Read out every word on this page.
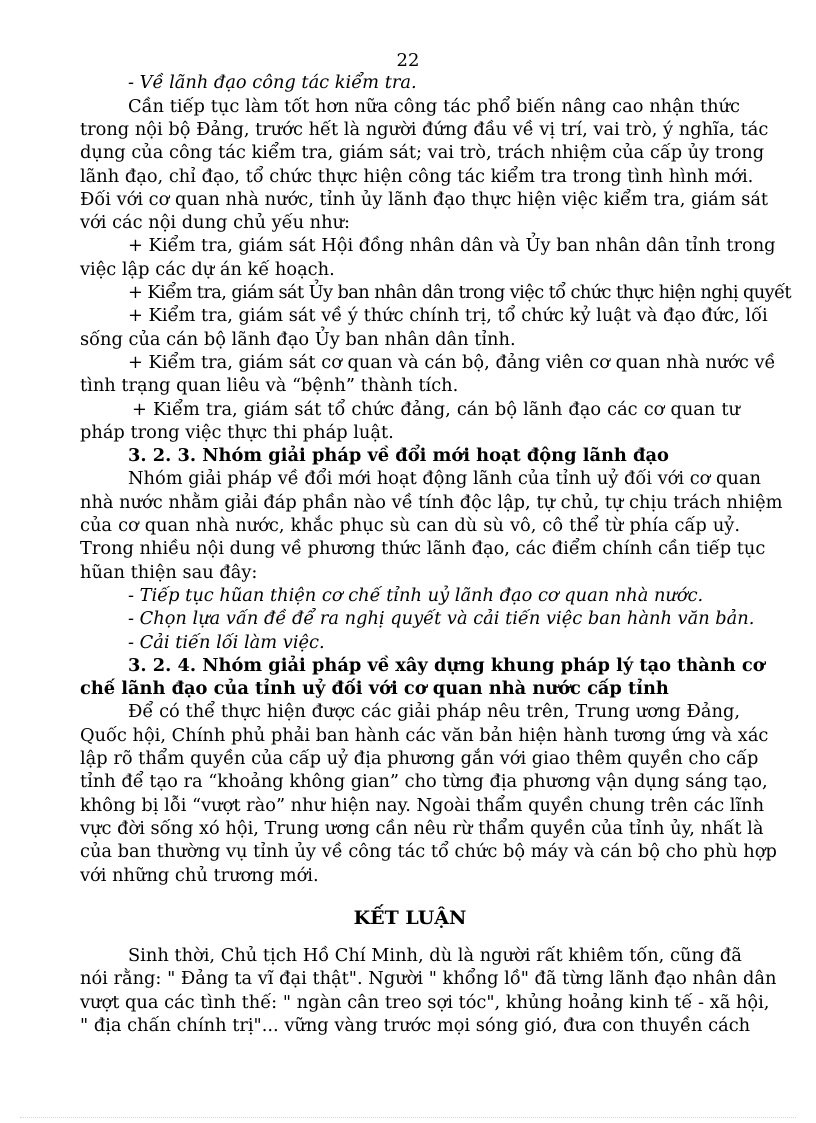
22
- Về lãnh đạo công tác kiểm tra.
Cần tiếp tục làm tốt hơn nữa công tác phổ biến nâng cao nhận thức
trong nội bộ Đảng, trước hết là người đứng đầu về vị trí, vai trò, ý nghĩa, tác
dụng của công tác kiểm tra, giám sát; vai trò, trách nhiệm của cấp ủy trong
lãnh đạo, chỉ đạo, tổ chức thực hiện công tác kiểm tra trong tình hình mới.
Đối với cơ quan nhà nước, tỉnh ủy lãnh đạo thực hiện việc kiểm tra, giám sát
với các nội dung chủ yếu như:
+ Kiểm tra, giám sát Hội đồng nhân dân và Ủy ban nhân dân tỉnh trong
việc lập các dự án kế hoạch.
+ Kiểm tra, giám sát Ủy ban nhân dân trong việc tổ chức thực hiện nghị quyết
+ Kiểm tra, giám sát về ý thức chính trị, tổ chức kỷ luật và đạo đức, lối
sống của cán bộ lãnh đạo Ủy ban nhân dân tỉnh.
+ Kiểm tra, giám sát cơ quan và cán bộ, đảng viên cơ quan nhà nước về
tình trạng quan liêu và “bệnh” thành tích.
+ Kiểm tra, giám sát tổ chức đảng, cán bộ lãnh đạo các cơ quan tư
pháp trong việc thực thi pháp luật.
3. 2. 3. Nhóm giải pháp về đổi mới hoạt động lãnh đạo
Nhóm giải pháp về đổi mới hoạt động lãnh của tỉnh uỷ đối với cơ quan
nhà nước nhằm giải đáp phần nào về tính độc lập, tự chủ, tự chịu trách nhiệm
của cơ quan nhà nước, khắc phục sù can dù sù vô, cô thể từ phía cấp uỷ.
Trong nhiều nội dung về phương thức lãnh đạo, các điểm chính cần tiếp tục
hũan thiện sau đây:
- Tiếp tục hũan thiện cơ chế tỉnh uỷ lãnh đạo cơ quan nhà nước.
- Chọn lựa vấn đề để ra nghị quyết và cải tiến việc ban hành văn bản.
- Cải tiến lối làm việc.
3. 2. 4. Nhóm giải pháp về xây dựng khung pháp lý tạo thành cơ
chế lãnh đạo của tỉnh uỷ đối với cơ quan nhà nước cấp tỉnh
Để có thể thực hiện được các giải pháp nêu trên, Trung ương Đảng,
Quốc hội, Chính phủ phải ban hành các văn bản hiện hành tương ứng và xác
lập rõ thẩm quyền của cấp uỷ địa phương gắn với giao thêm quyền cho cấp
tỉnh để tạo ra “khoảng không gian” cho từng địa phương vận dụng sáng tạo,
không bị lỗi “vượt rào” như hiện nay. Ngoài thẩm quyền chung trên các lĩnh
vực đời sống xó hội, Trung ương cần nêu rừ thẩm quyền của tỉnh ủy, nhất là
của ban thường vụ tỉnh ủy về công tác tổ chức bộ máy và cán bộ cho phù hợp
với những chủ trương mới.
KẾT LUẬN
Sinh thời, Chủ tịch Hồ Chí Minh, dù là người rất khiêm tốn, cũng đã
nói rằng: " Đảng ta vĩ đại thật". Người " khổng lồ" đã từng lãnh đạo nhân dân
vượt qua các tình thế: " ngàn cân treo sợi tóc", khủng hoảng kinh tế - xã hội,
" địa chấn chính trị"... vững vàng trước mọi sóng gió, đưa con thuyền cách
